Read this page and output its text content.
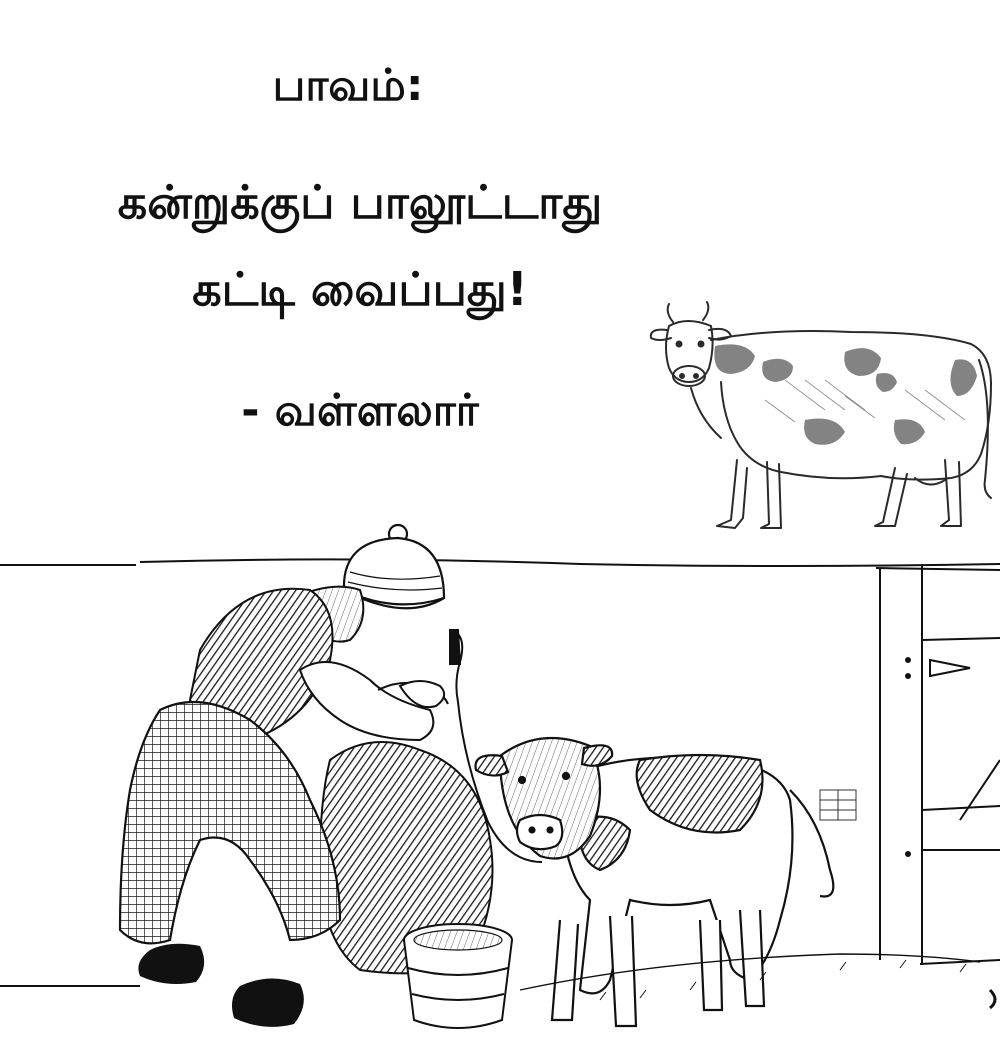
பாவம்:
கன்றுக்குப் பாலூட்டாது
கட்டி வைப்பது!
- வள்ளலார்
